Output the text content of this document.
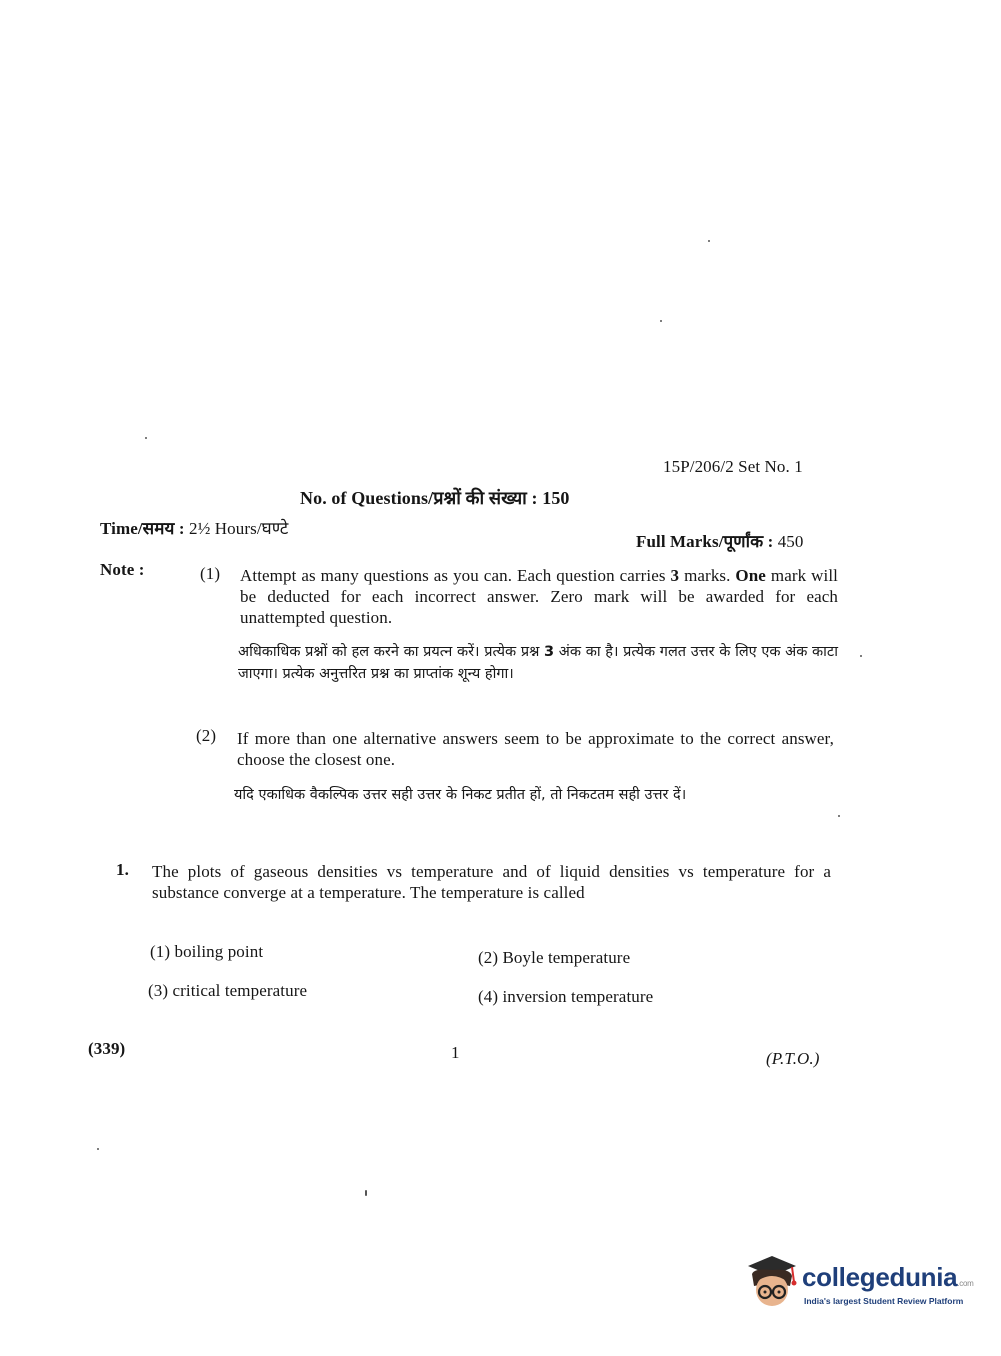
15P/206/2 Set No. 1
No. of Questions/प्रश्नों की संख्या : 150
Time/समय : 2½ Hours/घण्टे
Full Marks/पूर्णांक : 450
Note :	(1) Attempt as many questions as you can. Each question carries 3 marks. One mark will be deducted for each incorrect answer. Zero mark will be awarded for each unattempted question.
अधिकाधिक प्रश्नों को हल करने का प्रयत्न करें। प्रत्येक प्रश्न 3 अंक का है। प्रत्येक गलत उत्तर के लिए एक अंक काटा जाएगा। प्रत्येक अनुत्तरित प्रश्न का प्राप्तांक शून्य होगा।
(2) If more than one alternative answers seem to be approximate to the correct answer, choose the closest one.
यदि एकाधिक वैकल्पिक उत्तर सही उत्तर के निकट प्रतीत हों, तो निकटतम सही उत्तर दें।
1. The plots of gaseous densities vs temperature and of liquid densities vs temperature for a substance converge at a temperature. The temperature is called
(1) boiling point	(2) Boyle temperature
(3) critical temperature	(4) inversion temperature
(339)	1	(P.T.O.)
collegedunia.com
India's largest Student Review Platform
